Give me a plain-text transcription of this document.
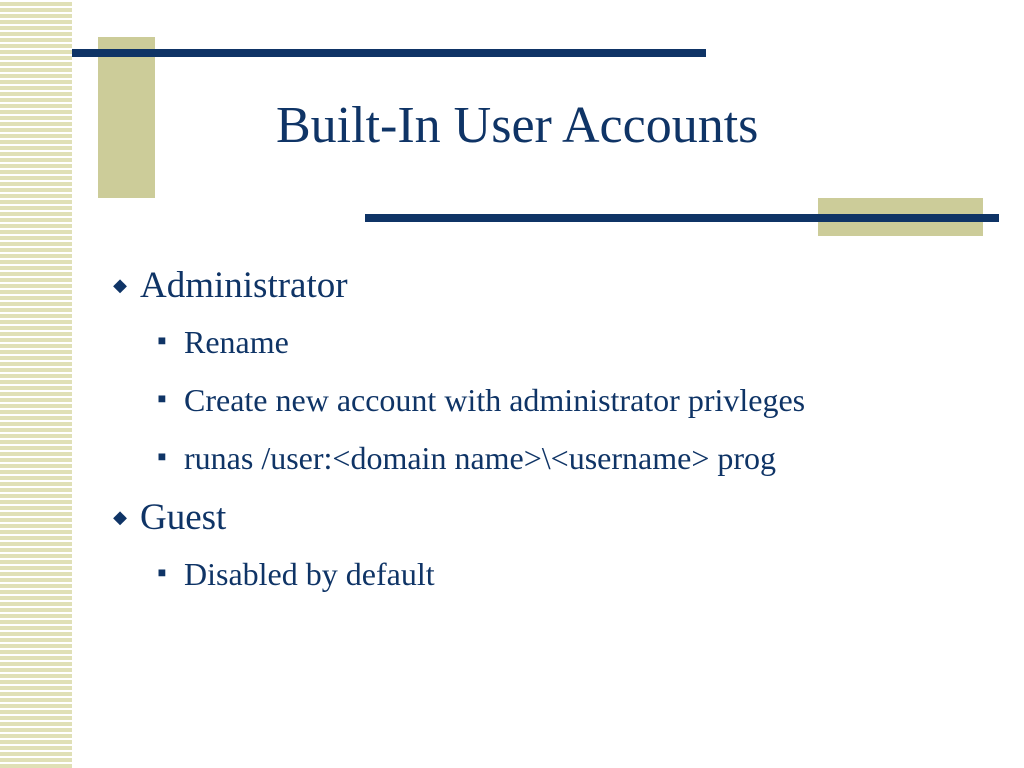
Built-In User Accounts
◆ Administrator
■ Rename
■ Create new account with administrator privleges
■ runas /user:<domain name>\<username> prog
◆ Guest
■ Disabled by default
